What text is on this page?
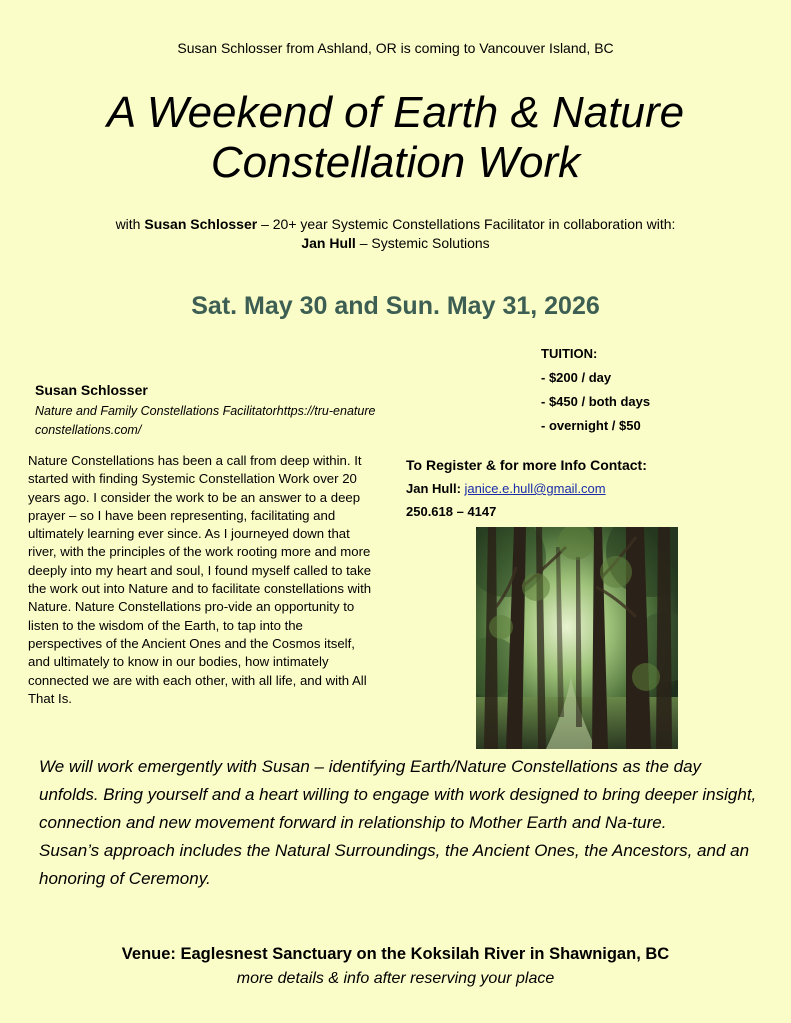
Susan Schlosser from Ashland, OR is coming to Vancouver Island, BC
A Weekend of Earth & Nature
Constellation Work
with Susan Schlosser – 20+ year Systemic Constellations Facilitator in collaboration with:
Jan Hull – Systemic Solutions
Sat. May 30 and Sun. May 31, 2026
TUITION:
- $200 / day
- $450 / both days
- overnight / $50
Susan Schlosser
Nature and Family Constellations Facilitatorhttps://tru-enatureconstellations.com/

Nature Constellations has been a call from deep within. It started with finding Systemic Constellation Work over 20 years ago. I consider the work to be an answer to a deep prayer – so I have been representing, facilitating and ultimately learning ever since. As I journeyed down that river, with the principles of the work rooting more and more deeply into my heart and soul, I found myself called to take the work out into Nature and to facilitate constellations with Nature. Nature Constellations pro-vide an opportunity to listen to the wisdom of the Earth, to tap into the perspectives of the Ancient Ones and the Cosmos itself, and ultimately to know in our bodies, how intimately connected we are with each other, with all life, and with All That Is.

To Register & for more Info Contact:
Jan Hull: janice.e.hull@gmail.com
250.618 – 4147
We will work emergently with Susan – identifying Earth/Nature Constellations as the day unfolds. Bring yourself and a heart willing to engage with work designed to bring deeper insight, connection and new movement forward in relationship to Mother Earth and Na-ture.
Susan’s approach includes the Natural Surroundings, the Ancient Ones, the Ancestors, and an honoring of Ceremony.
Venue: Eaglesnest Sanctuary on the Koksilah River in Shawnigan, BC
more details & info after reserving your place
